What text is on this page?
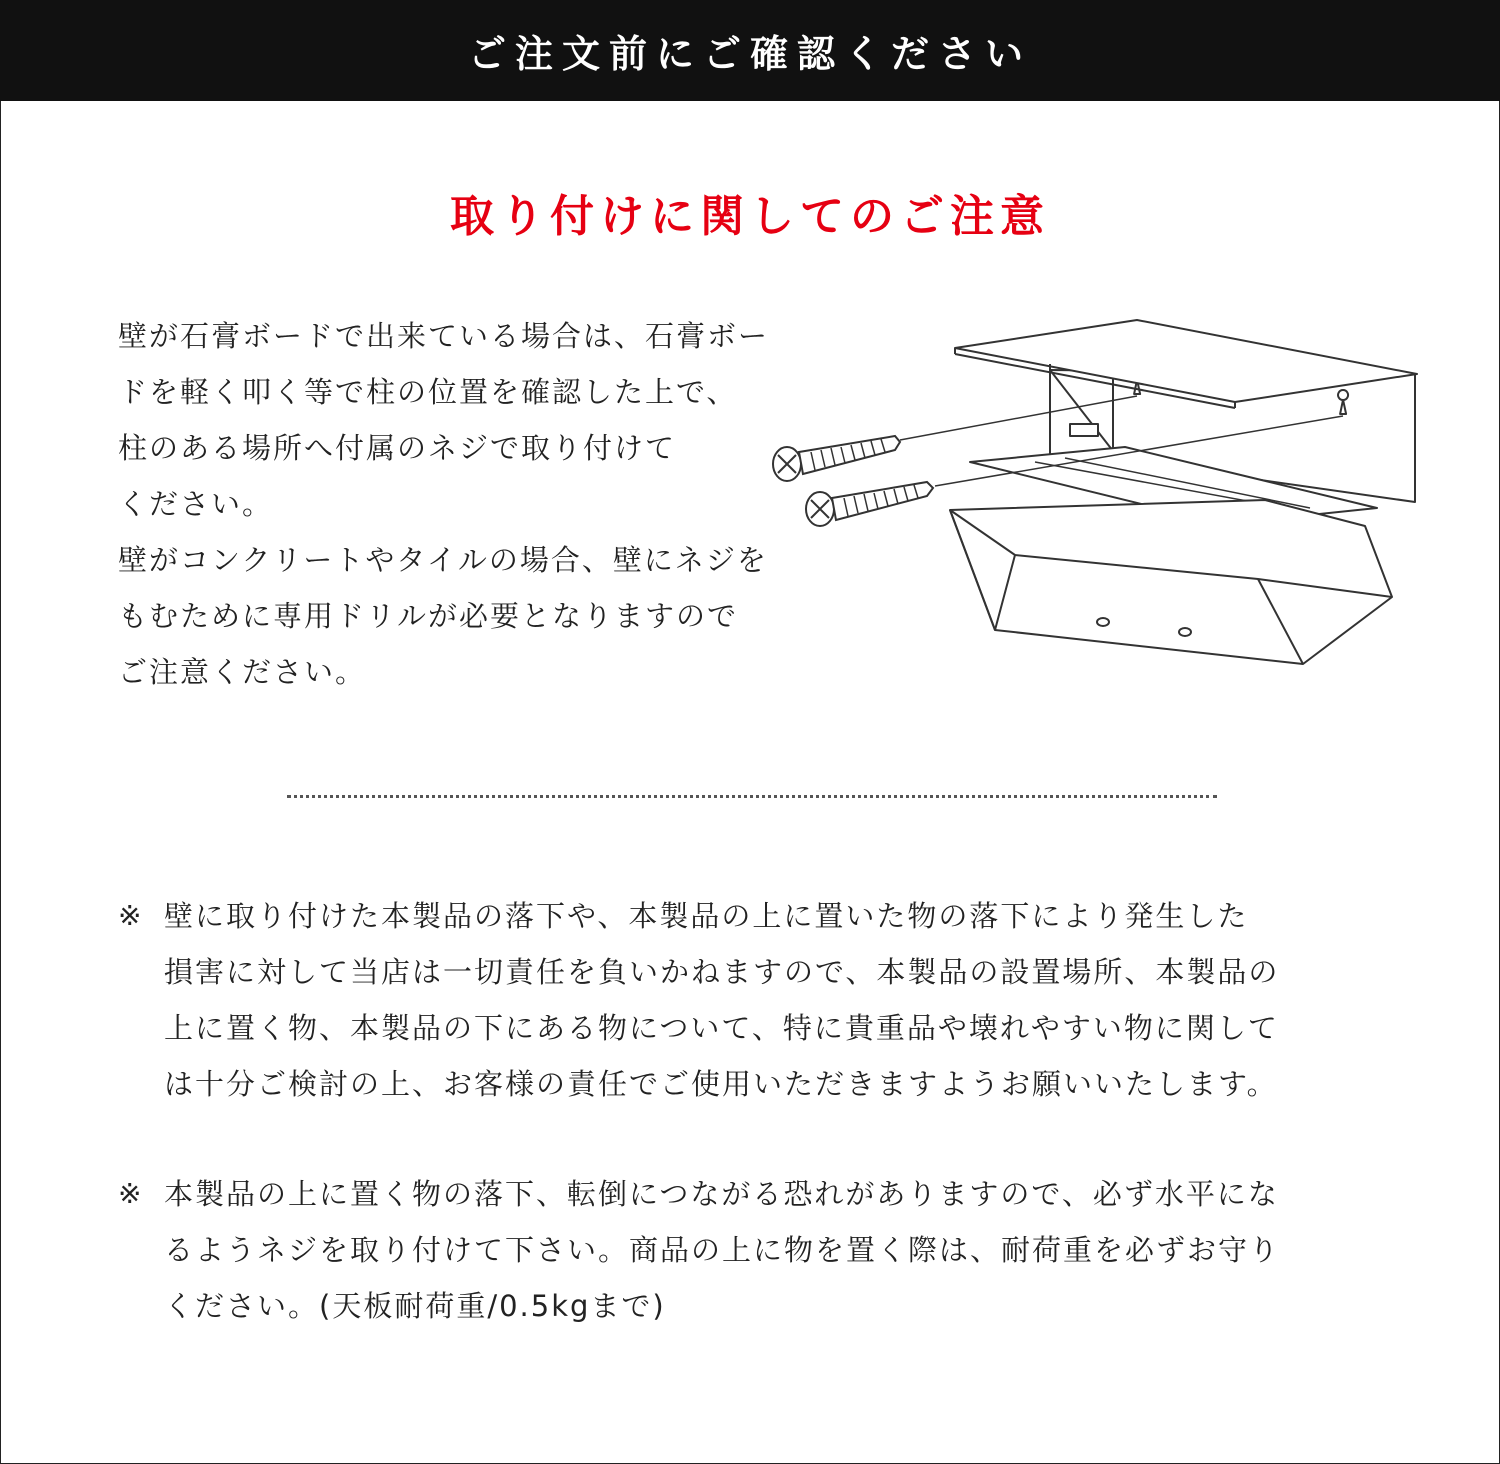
ご注文前にご確認ください
取り付けに関してのご注意

壁が石膏ボードで出来ている場合は、石膏ボー

ドを軽く叩く等で柱の位置を確認した上で、

柱のある場所へ付属のネジで取り付けて

ください。

壁がコンクリートやタイルの場合、壁にネジを

もむために専用ドリルが必要となりますので

ご注意ください。

※ 壁に取り付けた本製品の落下や、本製品の上に置いた物の落下により発生した

損害に対して当店は一切責任を負いかねますので、本製品の設置場所、本製品の

上に置く物、本製品の下にある物について、特に貴重品や壊れやすい物に関して

は十分ご検討の上、お客様の責任でご使用いただきますようお願いいたします。

※ 本製品の上に置く物の落下、転倒につながる恐れがありますので、必ず水平にな

るようネジを取り付けて下さい。商品の上に物を置く際は、耐荷重を必ずお守り

ください。(天板耐荷重/0.5kgまで)
